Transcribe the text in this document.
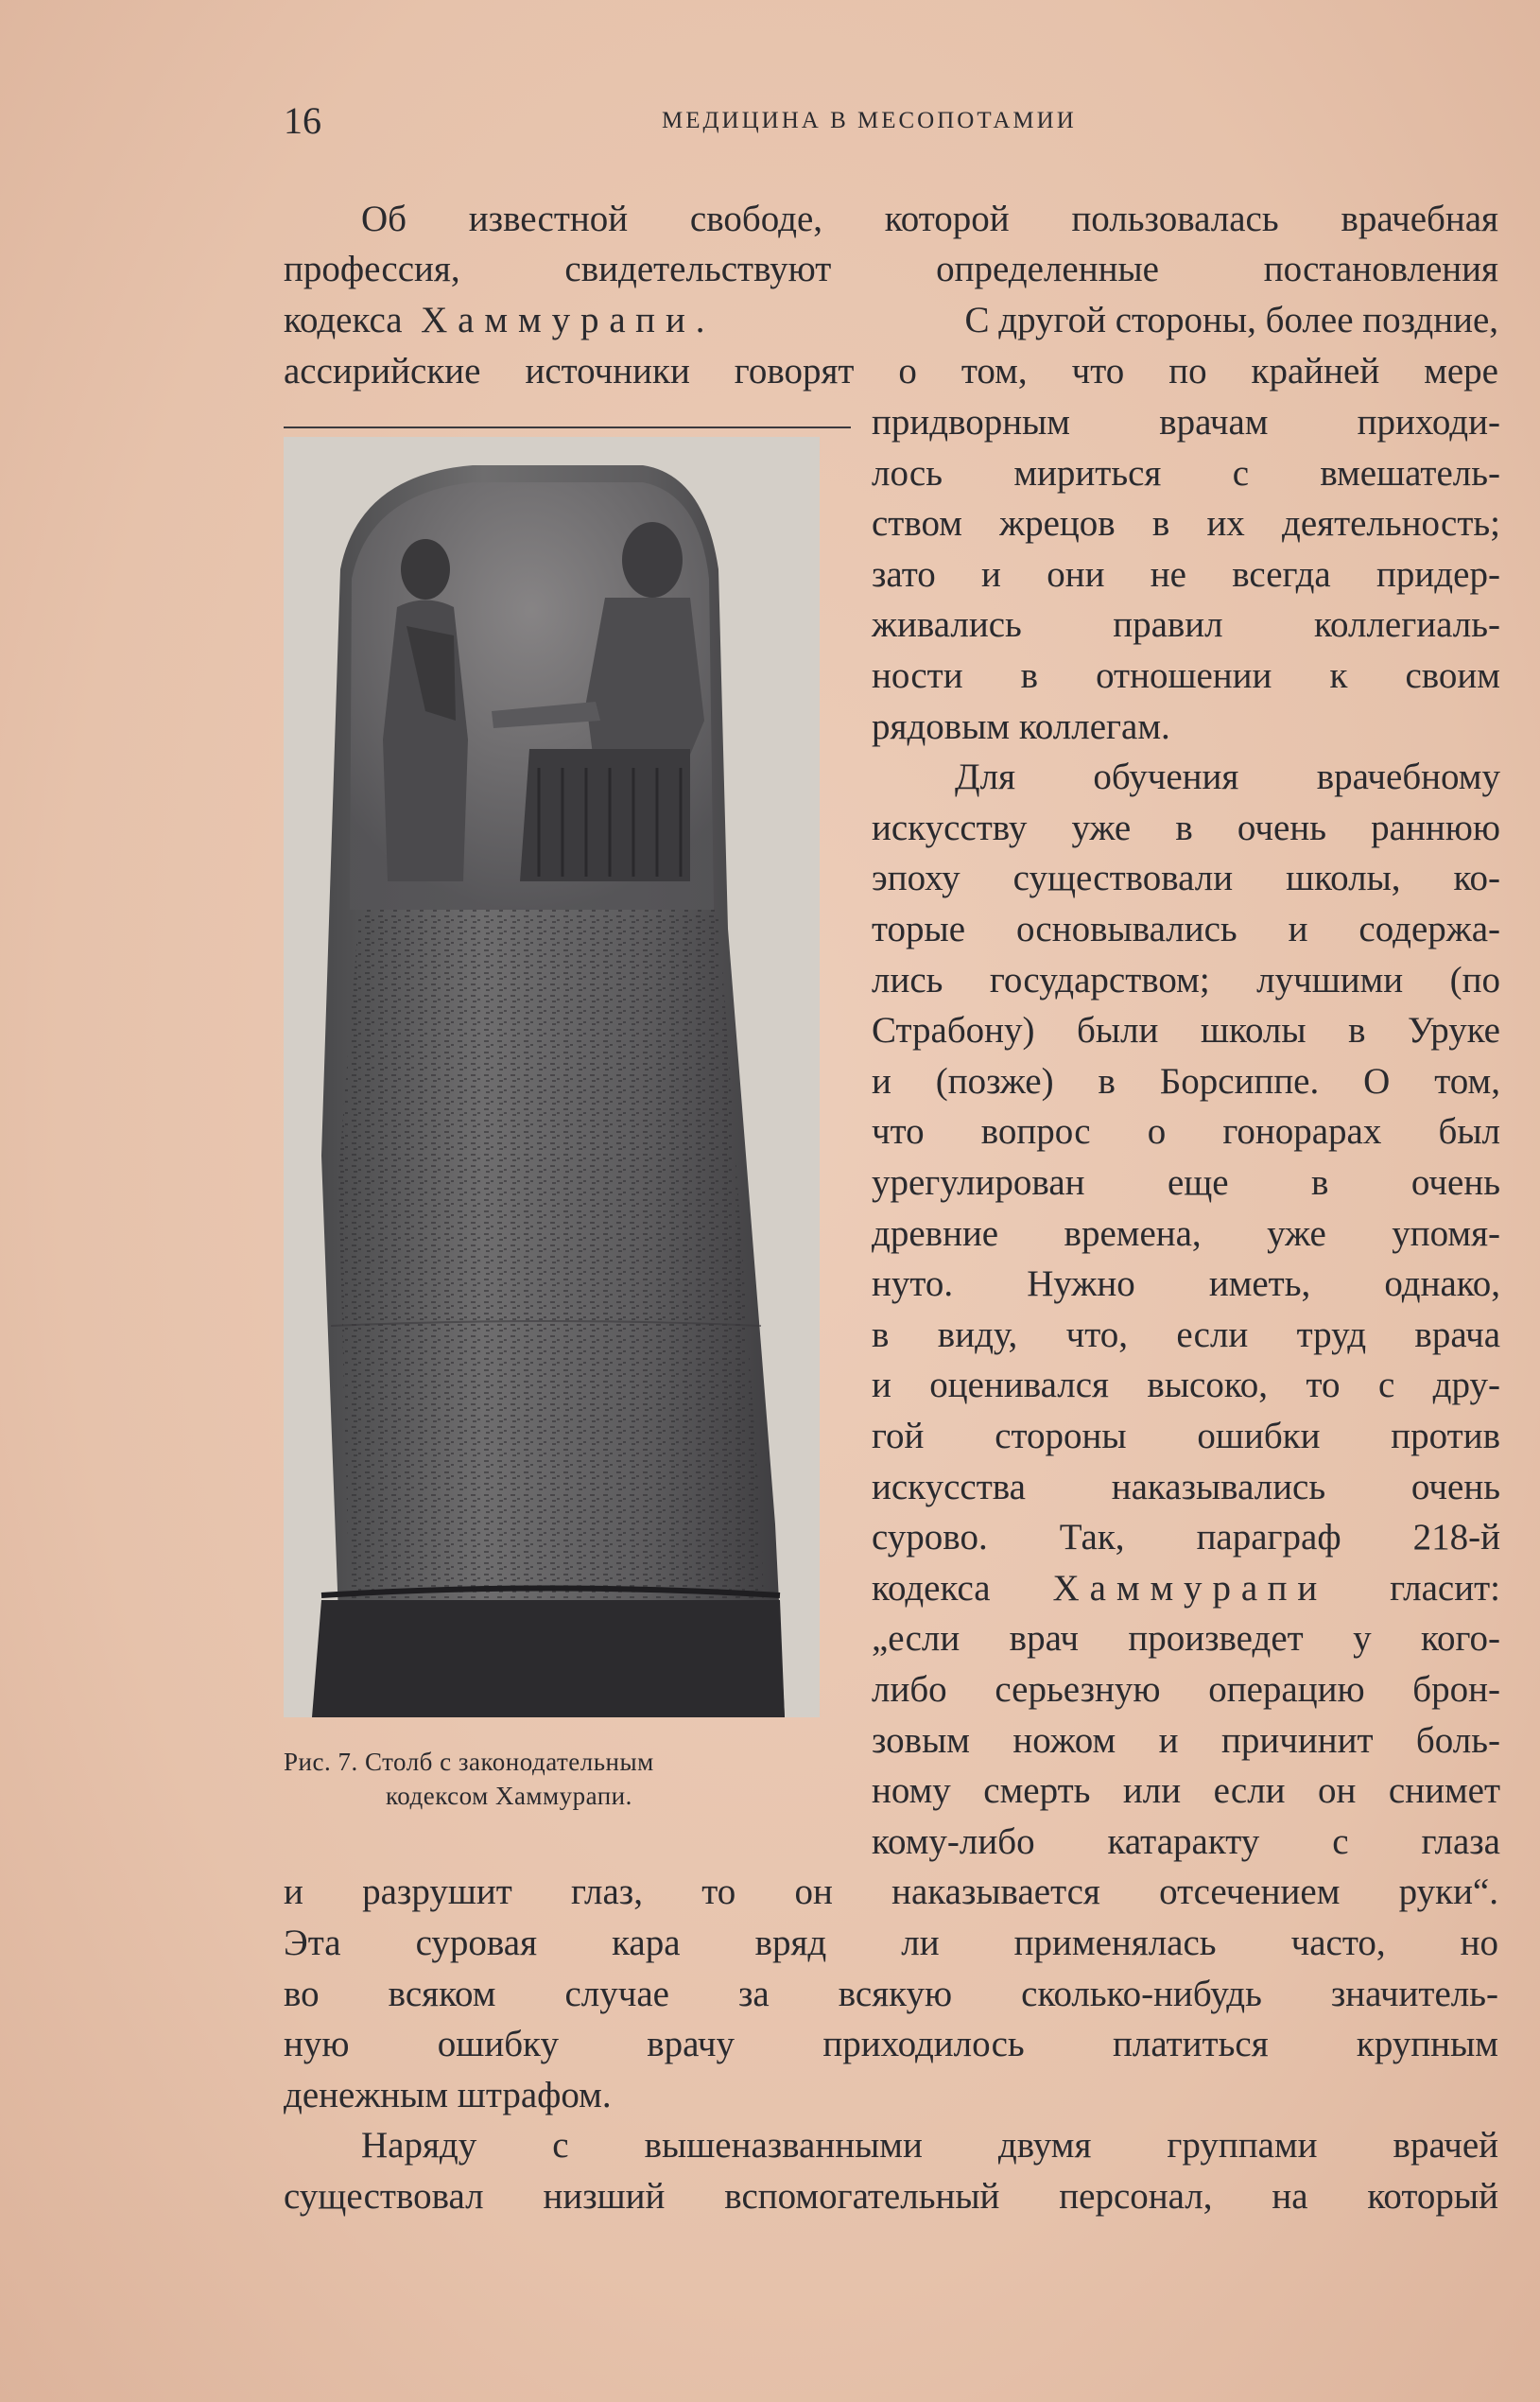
16	МЕДИЦИНА В МЕСОПОТАМИИ
Об известной свободе, которой пользовалась врачебная
профессия,	свидетельствуют	определенные	постановления
кодекса Хаммурапи.	С другой стороны, более поздние,
ассирийские источники говорят о том, что по крайней мере
Рис. 7. Столб с законодательным
кодексом Хаммурапи.
придворным врачам приходи-
лось мириться с вмешатель-
ством жрецов в их деятельность;
зато и они не всегда придер-
живались правил коллегиаль-
ности в отношении к своим
рядовым коллегам.
Для обучения врачебному
искусству уже в очень раннюю
эпоху существовали школы, ко-
торые основывались и содержа-
лись государством; лучшими (по
Страбону) были школы в Уруке
и (позже) в Борсиппе. О том,
что вопрос о гонорарах был
урегулирован еще в очень
древние времена, уже упомя-
нуто. Нужно иметь, однако,
в виду, что, если труд врача
и оценивался высоко, то с дру-
гой стороны ошибки против
искусства наказывались очень
сурово. Так, параграф 218-й
кодекса Хаммурапи гласит:
„если врач произведет у кого-
либо серьезную операцию брон-
зовым ножом и причинит боль-
ному смерть или если он снимет
кому-либо катаракту с глаза
и разрушит глаз, то он наказывается отсечением руки“.
Эта суровая кара вряд ли применялась часто, но
во всяком случае за всякую сколько-нибудь значитель-
ную ошибку врачу приходилось платиться крупным
денежным штрафом.
Наряду с вышеназванными двумя группами врачей
существовал низший вспомогательный персонал, на который
